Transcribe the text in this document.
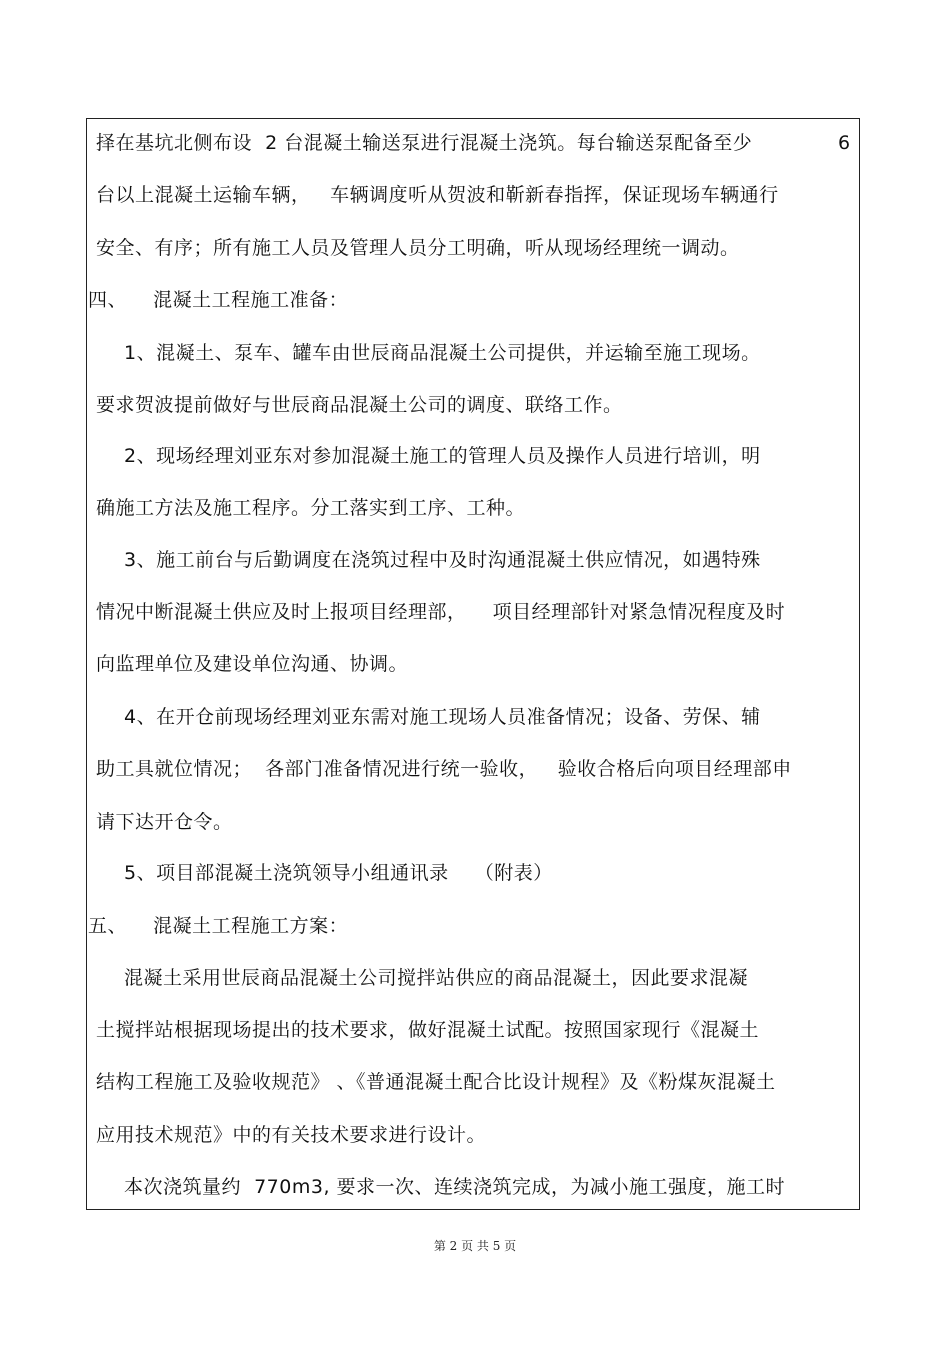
择在基坑北侧布设  2 台混凝土输送泵进行混凝土浇筑。每台输送泵配备至少	6
台以上混凝土运输车辆，   车辆调度听从贺波和靳新春指挥，保证现场车辆通行
安全、有序；所有施工人员及管理人员分工明确，听从现场经理统一调动。
四、    混凝土工程施工准备：
1、混凝土、泵车、罐车由世辰商品混凝土公司提供，并运输至施工现场。
要求贺波提前做好与世辰商品混凝土公司的调度、联络工作。
2、现场经理刘亚东对参加混凝土施工的管理人员及操作人员进行培训，明
确施工方法及施工程序。分工落实到工序、工种。
3、施工前台与后勤调度在浇筑过程中及时沟通混凝土供应情况，如遇特殊
情况中断混凝土供应及时上报项目经理部，    项目经理部针对紧急情况程度及时
向监理单位及建设单位沟通、协调。
4、在开仓前现场经理刘亚东需对施工现场人员准备情况；设备、劳保、辅
助工具就位情况；  各部门准备情况进行统一验收，   验收合格后向项目经理部申
请下达开仓令。
5、项目部混凝土浇筑领导小组通讯录    （附表）
五、    混凝土工程施工方案：
混凝土采用世辰商品混凝土公司搅拌站供应的商品混凝土，因此要求混凝
土搅拌站根据现场提出的技术要求，做好混凝土试配。按照国家现行《混凝土
结构工程施工及验收规范》 、《普通混凝土配合比设计规程》及《粉煤灰混凝土
应用技术规范》中的有关技术要求进行设计。
本次浇筑量约  770m3, 要求一次、连续浇筑完成，为减小施工强度，施工时
第 2 页 共 5 页
